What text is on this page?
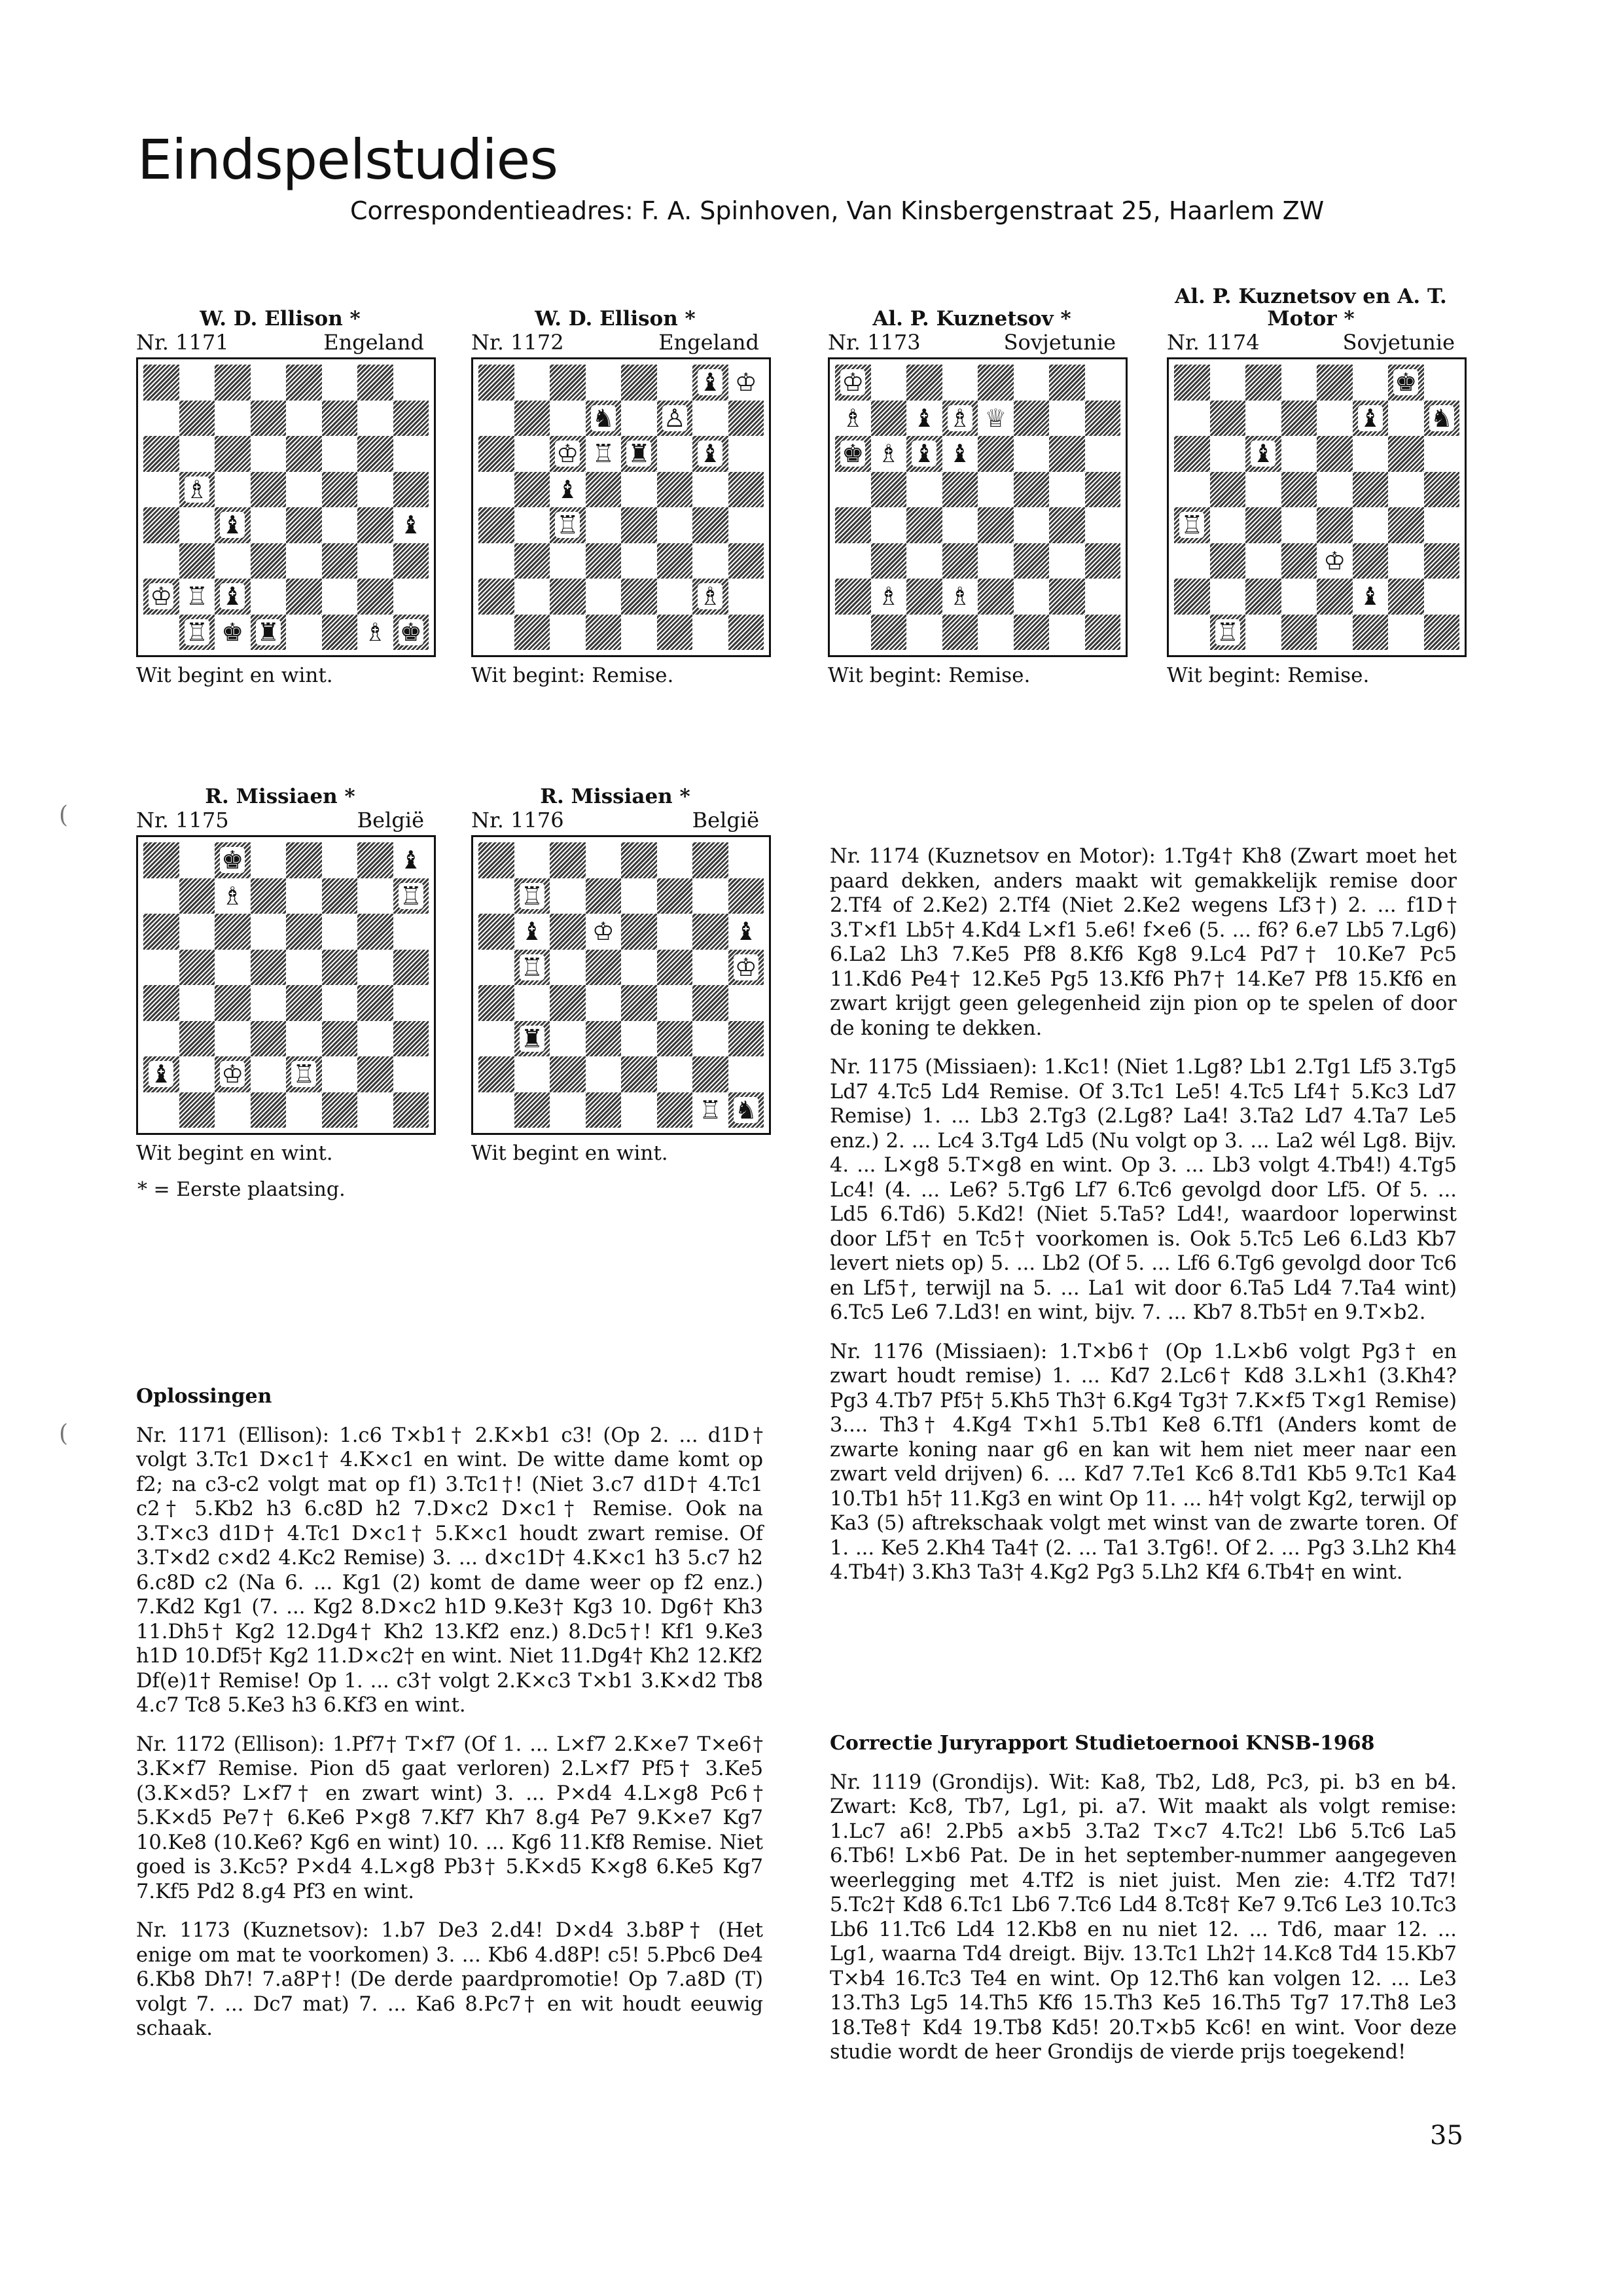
Eindspelstudies
Correspondentieadres: F. A. Spinhoven, Van Kinsbergenstraat 25, Haarlem ZW
W. D. Ellison *
Nr. 1171	Engeland
♗
♝	♝
♔ ♖ ♝
♖ ♚ ♜	♗ ♚
Wit begint en wint.
W. D. Ellison *
Nr. 1172	Engeland
♝ ♔
♞ ♙
♔ ♖ ♜ ♝
♝
♖
♗
Wit begint: Remise.
Al. P. Kuznetsov *
Nr. 1173	Sovjetunie
♔
♗ ♝ ♗ ♕
♚ ♗ ♝ ♝
♗ ♗
Wit begint: Remise.
Al. P. Kuznetsov en A. T. Motor *
Nr. 1174	Sovjetunie
♚
♝ ♞
♝
♖
♔
♝
♖
Wit begint: Remise.
R. Missiaen *
Nr. 1175	België
♚	♝
♗	♖
♝ ♔ ♖
Wit begint en wint.
R. Missiaen *
Nr. 1176	België
♖
♝ ♔	♝
♖	♔
♜
♖ ♞
Wit begint en wint.
* = Eerste plaatsing.
Oplossingen

Nr. 1171 (Ellison): 1.c6 T×b1† 2.K×b1 c3! (Op 2. ... d1D† volgt 3.Tc1 D×c1† 4.K×c1 en wint. De witte dame komt op f2; na c3-c2 volgt mat op f1) 3.Tc1†! (Niet 3.c7 d1D† 4.Tc1 c2† 5.Kb2 h3 6.c8D h2 7.D×c2 D×c1† Remise. Ook na 3.T×c3 d1D† 4.Tc1 D×c1† 5.K×c1 houdt zwart remise. Of 3.T×d2 c×d2 4.Kc2 Remise) 3. ... d×c1D† 4.K×c1 h3 5.c7 h2 6.c8D c2 (Na 6. ... Kg1 (2) komt de dame weer op f2 enz.) 7.Kd2 Kg1 (7. ... Kg2 8.D×c2 h1D 9.Ke3† Kg3 10. Dg6† Kh3 11.Dh5† Kg2 12.Dg4† Kh2 13.Kf2 enz.) 8.Dc5†! Kf1 9.Ke3 h1D 10.Df5† Kg2 11.D×c2† en wint. Niet 11.Dg4† Kh2 12.Kf2 Df(e)1† Remise! Op 1. ... c3† volgt 2.K×c3 T×b1 3.K×d2 Tb8 4.c7 Tc8 5.Ke3 h3 6.Kf3 en wint.

Nr. 1172 (Ellison): 1.Pf7† T×f7 (Of 1. ... L×f7 2.K×e7 T×e6† 3.K×f7 Remise. Pion d5 gaat verloren) 2.L×f7 Pf5† 3.Ke5 (3.K×d5? L×f7† en zwart wint) 3. ... P×d4 4.L×g8 Pc6† 5.K×d5 Pe7† 6.Ke6 P×g8 7.Kf7 Kh7 8.g4 Pe7 9.K×e7 Kg7 10.Ke8 (10.Ke6? Kg6 en wint) 10. ... Kg6 11.Kf8 Remise. Niet goed is 3.Kc5? P×d4 4.L×g8 Pb3† 5.K×d5 K×g8 6.Ke5 Kg7 7.Kf5 Pd2 8.g4 Pf3 en wint.

Nr. 1173 (Kuznetsov): 1.b7 De3 2.d4! D×d4 3.b8P† (Het enige om mat te voorkomen) 3. ... Kb6 4.d8P! c5! 5.Pbc6 De4 6.Kb8 Dh7! 7.a8P†! (De derde paardpromotie! Op 7.a8D (T) volgt 7. ... Dc7 mat) 7. ... Ka6 8.Pc7† en wit houdt eeuwig schaak.

Nr. 1174 (Kuznetsov en Motor): 1.Tg4† Kh8 (Zwart moet het paard dekken, anders maakt wit gemakkelijk remise door 2.Tf4 of 2.Ke2) 2.Tf4 (Niet 2.Ke2 wegens Lf3†) 2. ... f1D† 3.T×f1 Lb5† 4.Kd4 L×f1 5.e6! f×e6 (5. ... f6? 6.e7 Lb5 7.Lg6) 6.La2 Lh3 7.Ke5 Pf8 8.Kf6 Kg8 9.Lc4 Pd7† 10.Ke7 Pc5 11.Kd6 Pe4† 12.Ke5 Pg5 13.Kf6 Ph7† 14.Ke7 Pf8 15.Kf6 en zwart krijgt geen gelegenheid zijn pion op te spelen of door de koning te dekken.

Nr. 1175 (Missiaen): 1.Kc1! (Niet 1.Lg8? Lb1 2.Tg1 Lf5 3.Tg5 Ld7 4.Tc5 Ld4 Remise. Of 3.Tc1 Le5! 4.Tc5 Lf4† 5.Kc3 Ld7 Remise) 1. ... Lb3 2.Tg3 (2.Lg8? La4! 3.Ta2 Ld7 4.Ta7 Le5 enz.) 2. ... Lc4 3.Tg4 Ld5 (Nu volgt op 3. ... La2 wél Lg8. Bijv. 4. ... L×g8 5.T×g8 en wint. Op 3. ... Lb3 volgt 4.Tb4!) 4.Tg5 Lc4! (4. ... Le6? 5.Tg6 Lf7 6.Tc6 gevolgd door Lf5. Of 5. ... Ld5 6.Td6) 5.Kd2! (Niet 5.Ta5? Ld4!, waardoor loperwinst door Lf5† en Tc5† voorkomen is. Ook 5.Tc5 Le6 6.Ld3 Kb7 levert niets op) 5. ... Lb2 (Of 5. ... Lf6 6.Tg6 gevolgd door Tc6 en Lf5†, terwijl na 5. ... La1 wit door 6.Ta5 Ld4 7.Ta4 wint) 6.Tc5 Le6 7.Ld3! en wint, bijv. 7. ... Kb7 8.Tb5† en 9.T×b2.

Nr. 1176 (Missiaen): 1.T×b6† (Op 1.L×b6 volgt Pg3† en zwart houdt remise) 1. ... Kd7 2.Lc6† Kd8 3.L×h1 (3.Kh4? Pg3 4.Tb7 Pf5† 5.Kh5 Th3† 6.Kg4 Tg3† 7.K×f5 T×g1 Remise) 3.... Th3† 4.Kg4 T×h1 5.Tb1 Ke8 6.Tf1 (Anders komt de zwarte koning naar g6 en kan wit hem niet meer naar een zwart veld drijven) 6. ... Kd7 7.Te1 Kc6 8.Td1 Kb5 9.Tc1 Ka4 10.Tb1 h5† 11.Kg3 en wint Op 11. ... h4† volgt Kg2, terwijl op Ka3 (5) aftrekschaak volgt met winst van de zwarte toren. Of 1. ... Ke5 2.Kh4 Ta4† (2. ... Ta1 3.Tg6!. Of 2. ... Pg3 3.Lh2 Kh4 4.Tb4†) 3.Kh3 Ta3† 4.Kg2 Pg3 5.Lh2 Kf4 6.Tb4† en wint.

Correctie Juryrapport Studietoernooi KNSB-1968

Nr. 1119 (Grondijs). Wit: Ka8, Tb2, Ld8, Pc3, pi. b3 en b4. Zwart: Kc8, Tb7, Lg1, pi. a7. Wit maakt als volgt remise: 1.Lc7 a6! 2.Pb5 a×b5 3.Ta2 T×c7 4.Tc2! Lb6 5.Tc6 La5 6.Tb6! L×b6 Pat. De in het september-nummer aangegeven weerlegging met 4.Tf2 is niet juist. Men zie: 4.Tf2 Td7! 5.Tc2† Kd8 6.Tc1 Lb6 7.Tc6 Ld4 8.Tc8† Ke7 9.Tc6 Le3 10.Tc3 Lb6 11.Tc6 Ld4 12.Kb8 en nu niet 12. ... Td6, maar 12. ... Lg1, waarna Td4 dreigt. Bijv. 13.Tc1 Lh2† 14.Kc8 Td4 15.Kb7 T×b4 16.Tc3 Te4 en wint. Op 12.Th6 kan volgen 12. ... Le3 13.Th3 Lg5 14.Th5 Kf6 15.Th3 Ke5 16.Th5 Tg7 17.Th8 Le3 18.Te8† Kd4 19.Tb8 Kd5! 20.T×b5 Kc6! en wint. Voor deze studie wordt de heer Grondijs de vierde prijs toegekend!

35
(
(
